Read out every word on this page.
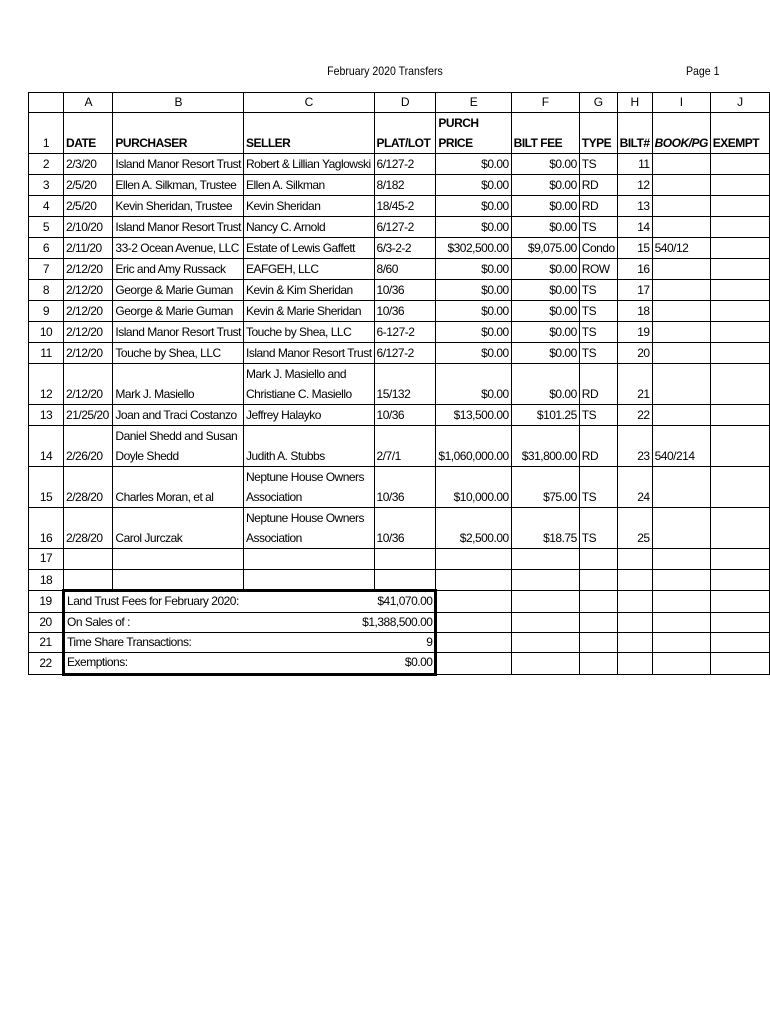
February 2020 Transfers	Page 1
	A	B	C	D	E	F	G	H	I	J
1	DATE	PURCHASER	SELLER	PLAT/LOT	PURCH
PRICE	BILT FEE	TYPE	BILT#	BOOK/PG	EXEMPT
2	2/3/20	Island Manor Resort Trust	Robert & Lillian Yaglowski	6/127-2	$0.00	$0.00	TS	11		
3	2/5/20	Ellen A. Silkman, Trustee	Ellen A. Silkman	8/182	$0.00	$0.00	RD	12		
4	2/5/20	Kevin Sheridan, Trustee	Kevin Sheridan	18/45-2	$0.00	$0.00	RD	13		
5	2/10/20	Island Manor Resort Trust	Nancy C. Arnold	6/127-2	$0.00	$0.00	TS	14		
6	2/11/20	33-2 Ocean Avenue, LLC	Estate of Lewis Gaffett	6/3-2-2	$302,500.00	$9,075.00	Condo	15	540/12	
7	2/12/20	Eric and Amy Russack	EAFGEH, LLC	8/60	$0.00	$0.00	ROW	16		
8	2/12/20	George & Marie Guman	Kevin & Kim Sheridan	10/36	$0.00	$0.00	TS	17		
9	2/12/20	George & Marie Guman	Kevin & Marie Sheridan	10/36	$0.00	$0.00	TS	18		
10	2/12/20	Island Manor Resort Trust	Touche by Shea, LLC	6-127-2	$0.00	$0.00	TS	19		
11	2/12/20	Touche by Shea, LLC	Island Manor Resort Trust	6/127-2	$0.00	$0.00	TS	20		
12	2/12/20	Mark J. Masiello	Mark J. Masiello and
Christiane C. Masiello	15/132	$0.00	$0.00	RD	21		
13	21/25/20	Joan and Traci Costanzo	Jeffrey Halayko	10/36	$13,500.00	$101.25	TS	22		
14	2/26/20	Daniel Shedd and Susan
Doyle Shedd	Judith A. Stubbs	2/7/1	$1,060,000.00	$31,800.00	RD	23	540/214	
15	2/28/20	Charles Moran, et al	Neptune House Owners
Association	10/36	$10,000.00	$75.00	TS	24		
16	2/28/20	Carol Jurczak	Neptune House Owners
Association	10/36	$2,500.00	$18.75	TS	25		
17										
18										
19	Land Trust Fees for February 2020:		$41,070.00							
20	On Sales of :		$1,388,500.00							
21	Time Share Transactions:		9							
22	Exemptions:		$0.00							
